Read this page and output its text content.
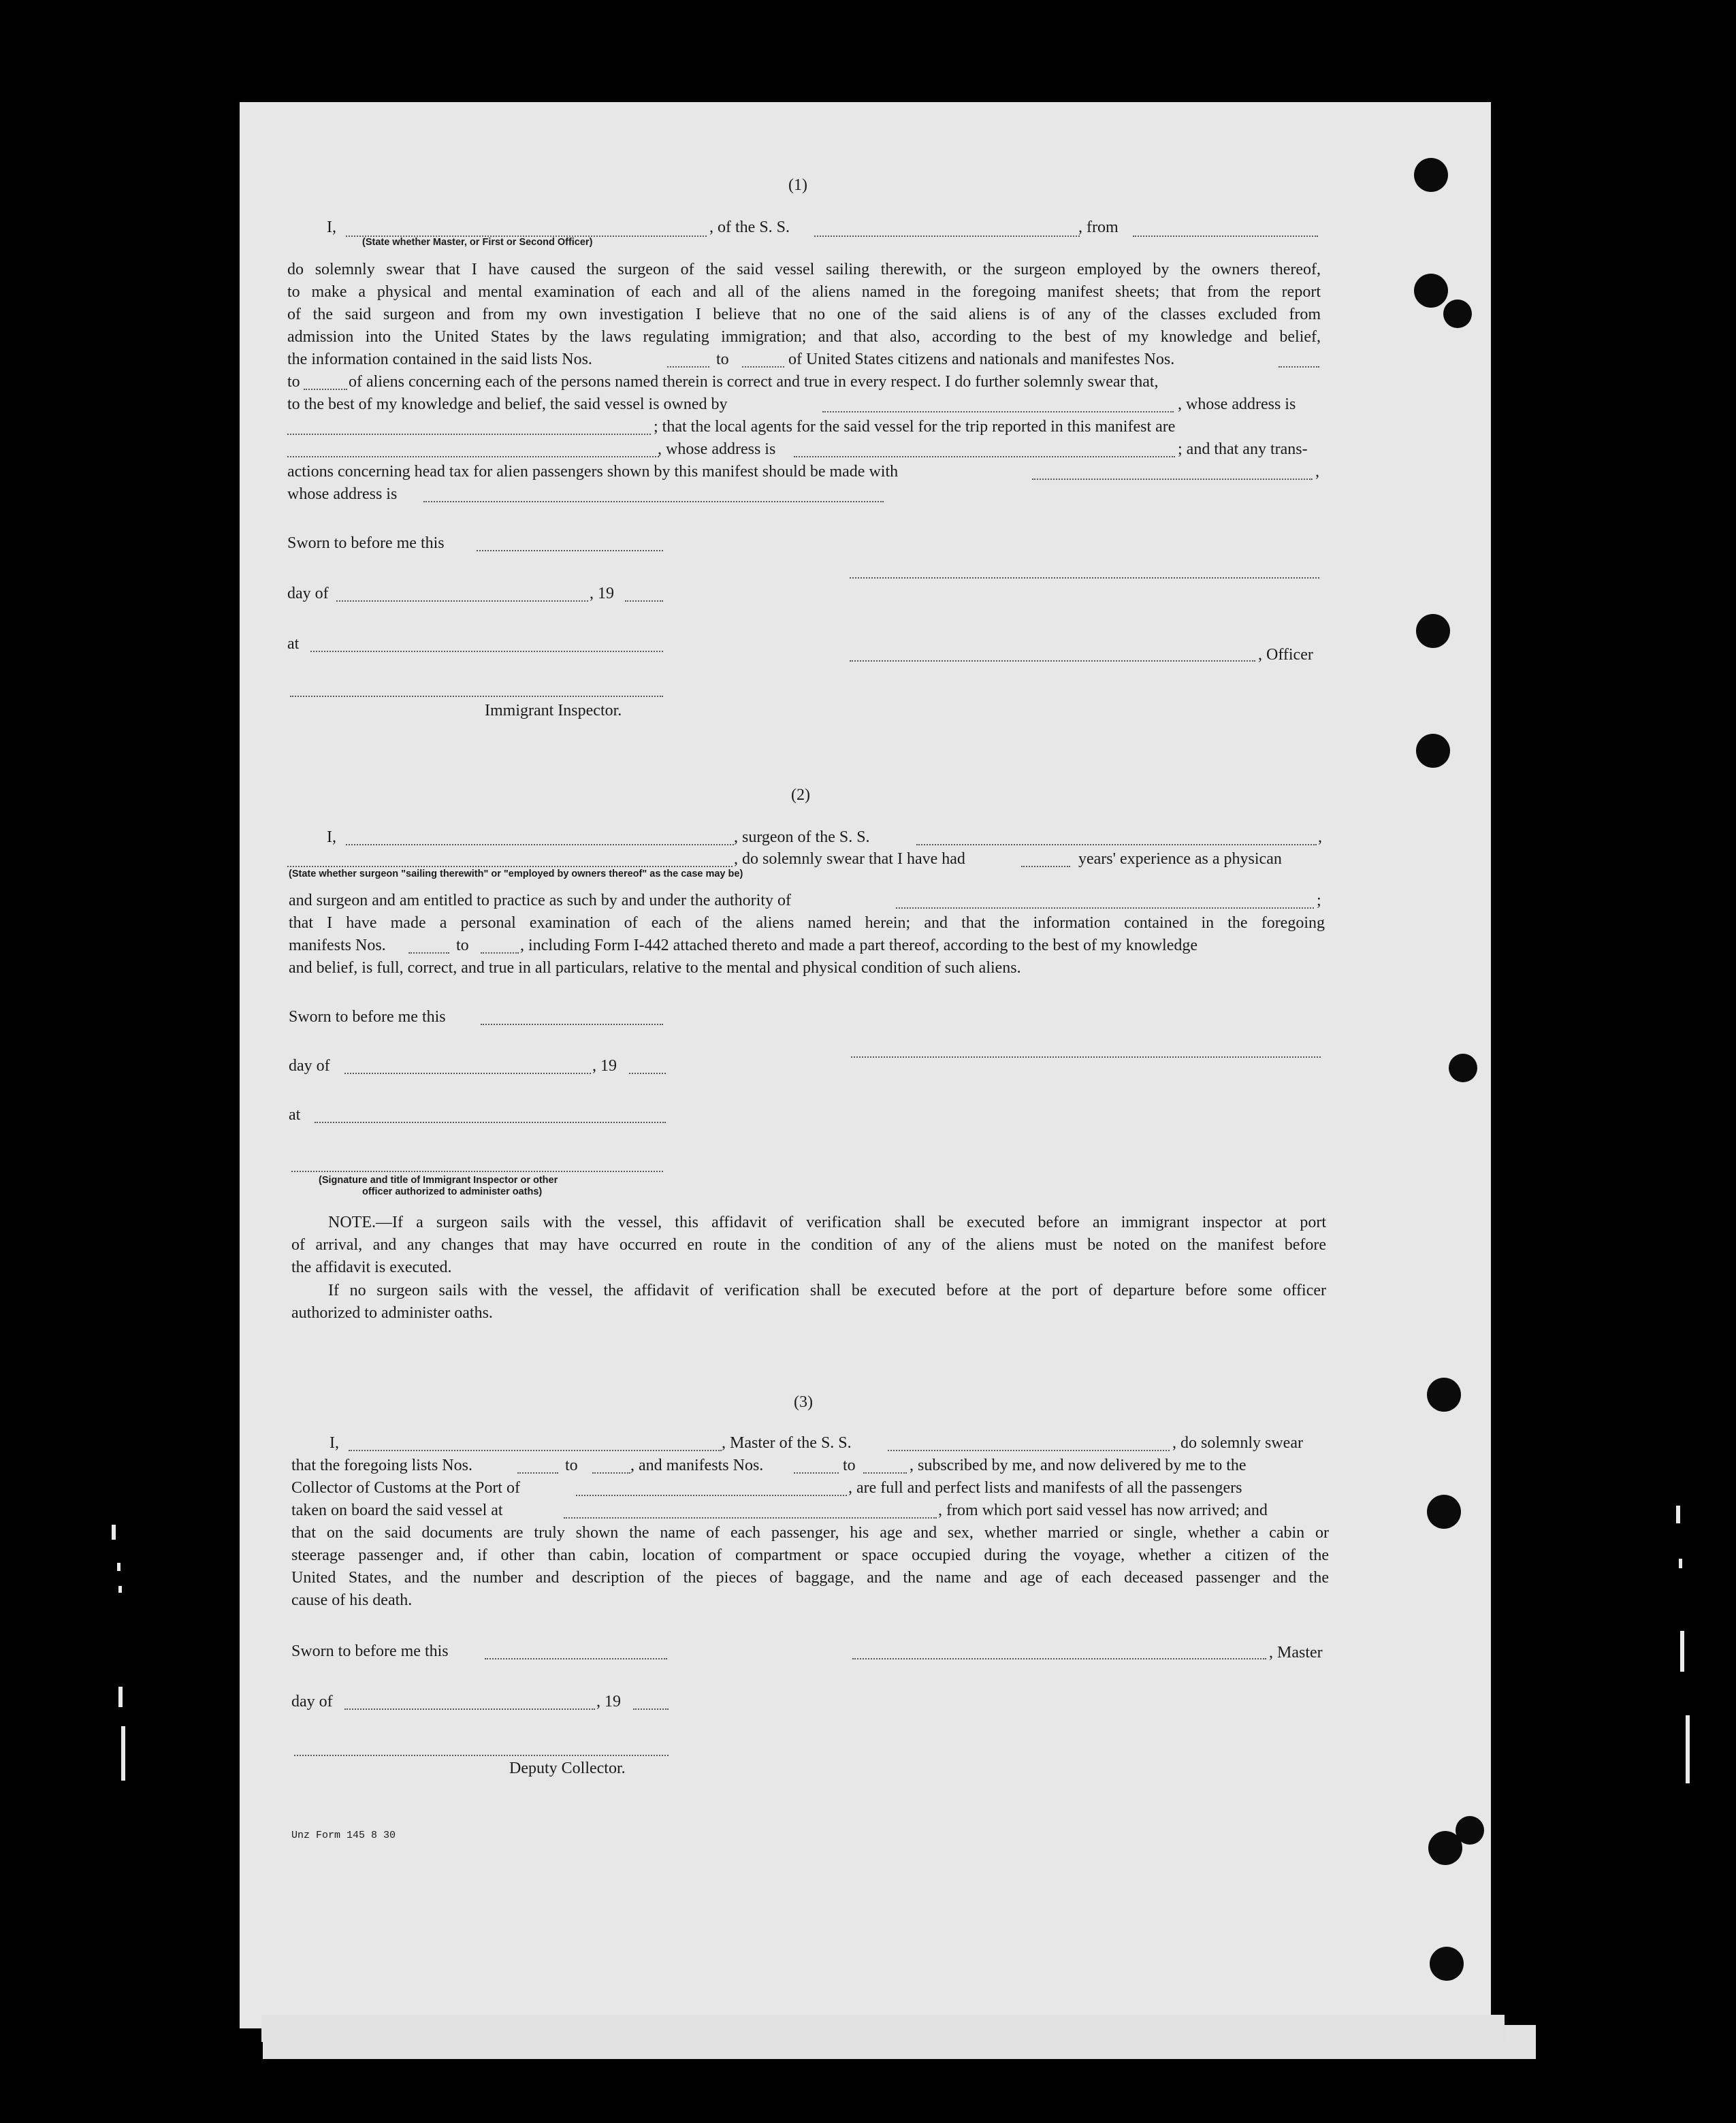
(1)
I,	, of the S. S.	, from
(State whether Master, or First or Second Officer)
do solemnly swear that I have caused the surgeon of the said vessel sailing therewith, or the surgeon employed by the owners thereof,
to make a physical and mental examination of each and all of the aliens named in the foregoing manifest sheets; that from the report
of the said surgeon and from my own investigation I believe that no one of the said aliens is of any of the classes excluded from
admission into the United States by the laws regulating immigration; and that also, according to the best of my knowledge and belief,
the information contained in the said lists Nos.	to	of United States citizens and nationals and manifestes Nos.
to	of aliens concerning each of the persons named therein is correct and true in every respect. I do further solemnly swear that,
to the best of my knowledge and belief, the said vessel is owned by	, whose address is
; that the local agents for the said vessel for the trip reported in this manifest are
, whose address is	; and that any trans-
actions concerning head tax for alien passengers shown by this manifest should be made with	,
whose address is
Sworn to before me this
day of	, 19
at
, Officer
Immigrant Inspector.
(2)
I,	, surgeon of the S. S.	,
, do solemnly swear that I have had	years' experience as a physican
(State whether surgeon "sailing therewith" or "employed by owners thereof" as the case may be)
and surgeon and am entitled to practice as such by and under the authority of	;
that I have made a personal examination of each of the aliens named herein; and that the information contained in the foregoing
manifests Nos.	to	, including Form I-442 attached thereto and made a part thereof, according to the best of my knowledge
and belief, is full, correct, and true in all particulars, relative to the mental and physical condition of such aliens.
Sworn to before me this
day of	, 19
at
(Signature and title of Immigrant Inspector or other
officer authorized to administer oaths)
NOTE.—If a surgeon sails with the vessel, this affidavit of verification shall be executed before an immigrant inspector at port
of arrival, and any changes that may have occurred en route in the condition of any of the aliens must be noted on the manifest before
the affidavit is executed.
If no surgeon sails with the vessel, the affidavit of verification shall be executed before at the port of departure before some officer
authorized to administer oaths.
(3)
I,	, Master of the S. S.	, do solemnly swear
that the foregoing lists Nos.	to	, and manifests Nos.	to	, subscribed by me, and now delivered by me to the
Collector of Customs at the Port of	, are full and perfect lists and manifests of all the passengers
taken on board the said vessel at	, from which port said vessel has now arrived; and
that on the said documents are truly shown the name of each passenger, his age and sex, whether married or single, whether a cabin or
steerage passenger and, if other than cabin, location of compartment or space occupied during the voyage, whether a citizen of the
United States, and the number and description of the pieces of baggage, and the name and age of each deceased passenger and the
cause of his death.
Sworn to before me this	, Master
day of	, 19
Deputy Collector.
Unz Form 145 8 30
